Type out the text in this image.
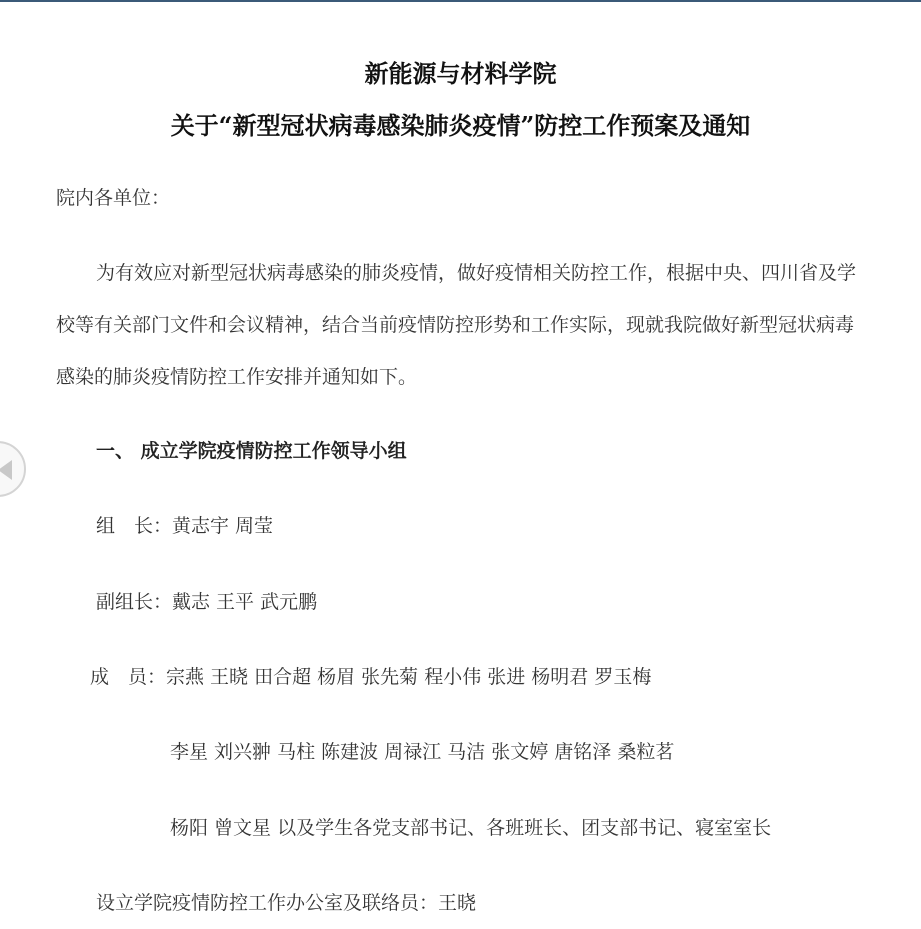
新能源与材料学院
关于“新型冠状病毒感染肺炎疫情”防控工作预案及通知
院内各单位：
为有效应对新型冠状病毒感染的肺炎疫情，做好疫情相关防控工作，根据中央、四川省及学
校等有关部门文件和会议精神，结合当前疫情防控形势和工作实际，现就我院做好新型冠状病毒
感染的肺炎疫情防控工作安排并通知如下。
一、 成立学院疫情防控工作领导小组
组　长：黄志宇 周莹
副组长：戴志 王平 武元鹏
成　员：宗燕 王晓 田合超 杨眉 张先菊 程小伟 张进 杨明君 罗玉梅
李星 刘兴翀 马柱 陈建波 周禄江 马洁 张文婷 唐铭泽 桑粒茗
杨阳 曾文星 以及学生各党支部书记、各班班长、团支部书记、寝室室长
设立学院疫情防控工作办公室及联络员：王晓
